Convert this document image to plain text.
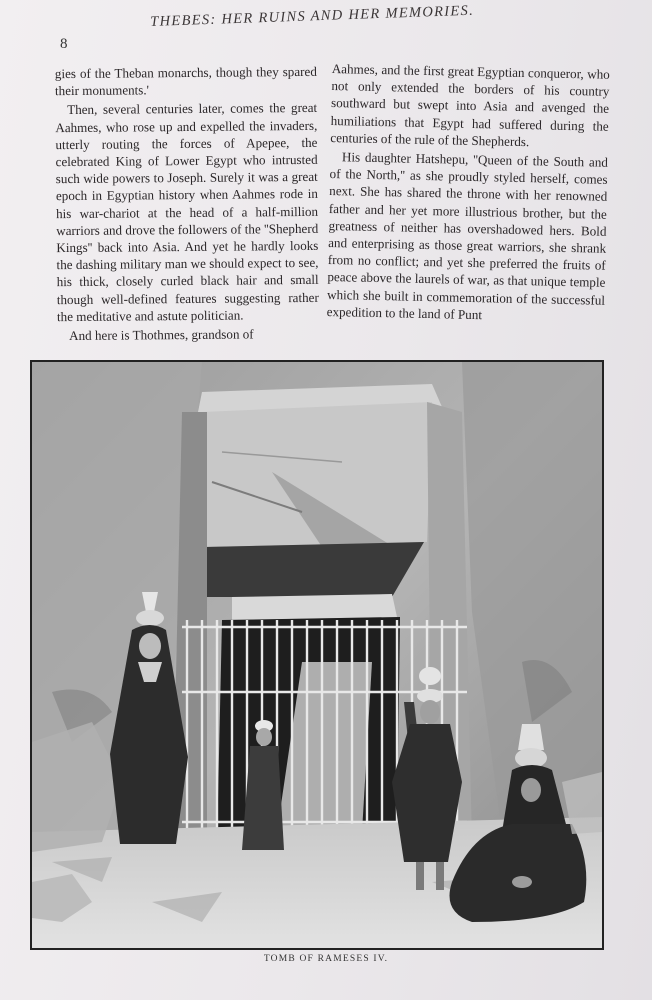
8
THEBES: HER RUINS AND HER MEMORIES.

gies of the Theban monarchs, though they spared their monuments.'

Then, several centuries later, comes the great Aahmes, who rose up and expelled the invaders, utterly routing the forces of Apepee, the celebrated King of Lower Egypt who intrusted such wide powers to Joseph. Surely it was a great epoch in Egyptian history when Aahmes rode in his war-chariot at the head of a half-million warriors and drove the followers of the ''Shepherd Kings'' back into Asia. And yet he hardly looks the dashing military man we should expect to see, his thick, closely curled black hair and small though well-defined features suggesting rather the meditative and astute politician.

And here is Thothmes, grandson of

Aahmes, and the first great Egyptian conqueror, who not only extended the borders of his country southward but swept into Asia and avenged the humiliations that Egypt had suffered during the centuries of the rule of the Shepherds.

His daughter Hatshepu, ''Queen of the South and of the North,'' as she proudly styled herself, comes next. She has shared the throne with her renowned father and her yet more illustrious brother, but the greatness of neither has overshadowed hers. Bold and enterprising as those great warriors, she shrank from no conflict; and yet she preferred the fruits of peace above the laurels of war, as that unique temple which she built in commemoration of the successful expedition to the land of Punt

TOMB OF RAMESES IV.
